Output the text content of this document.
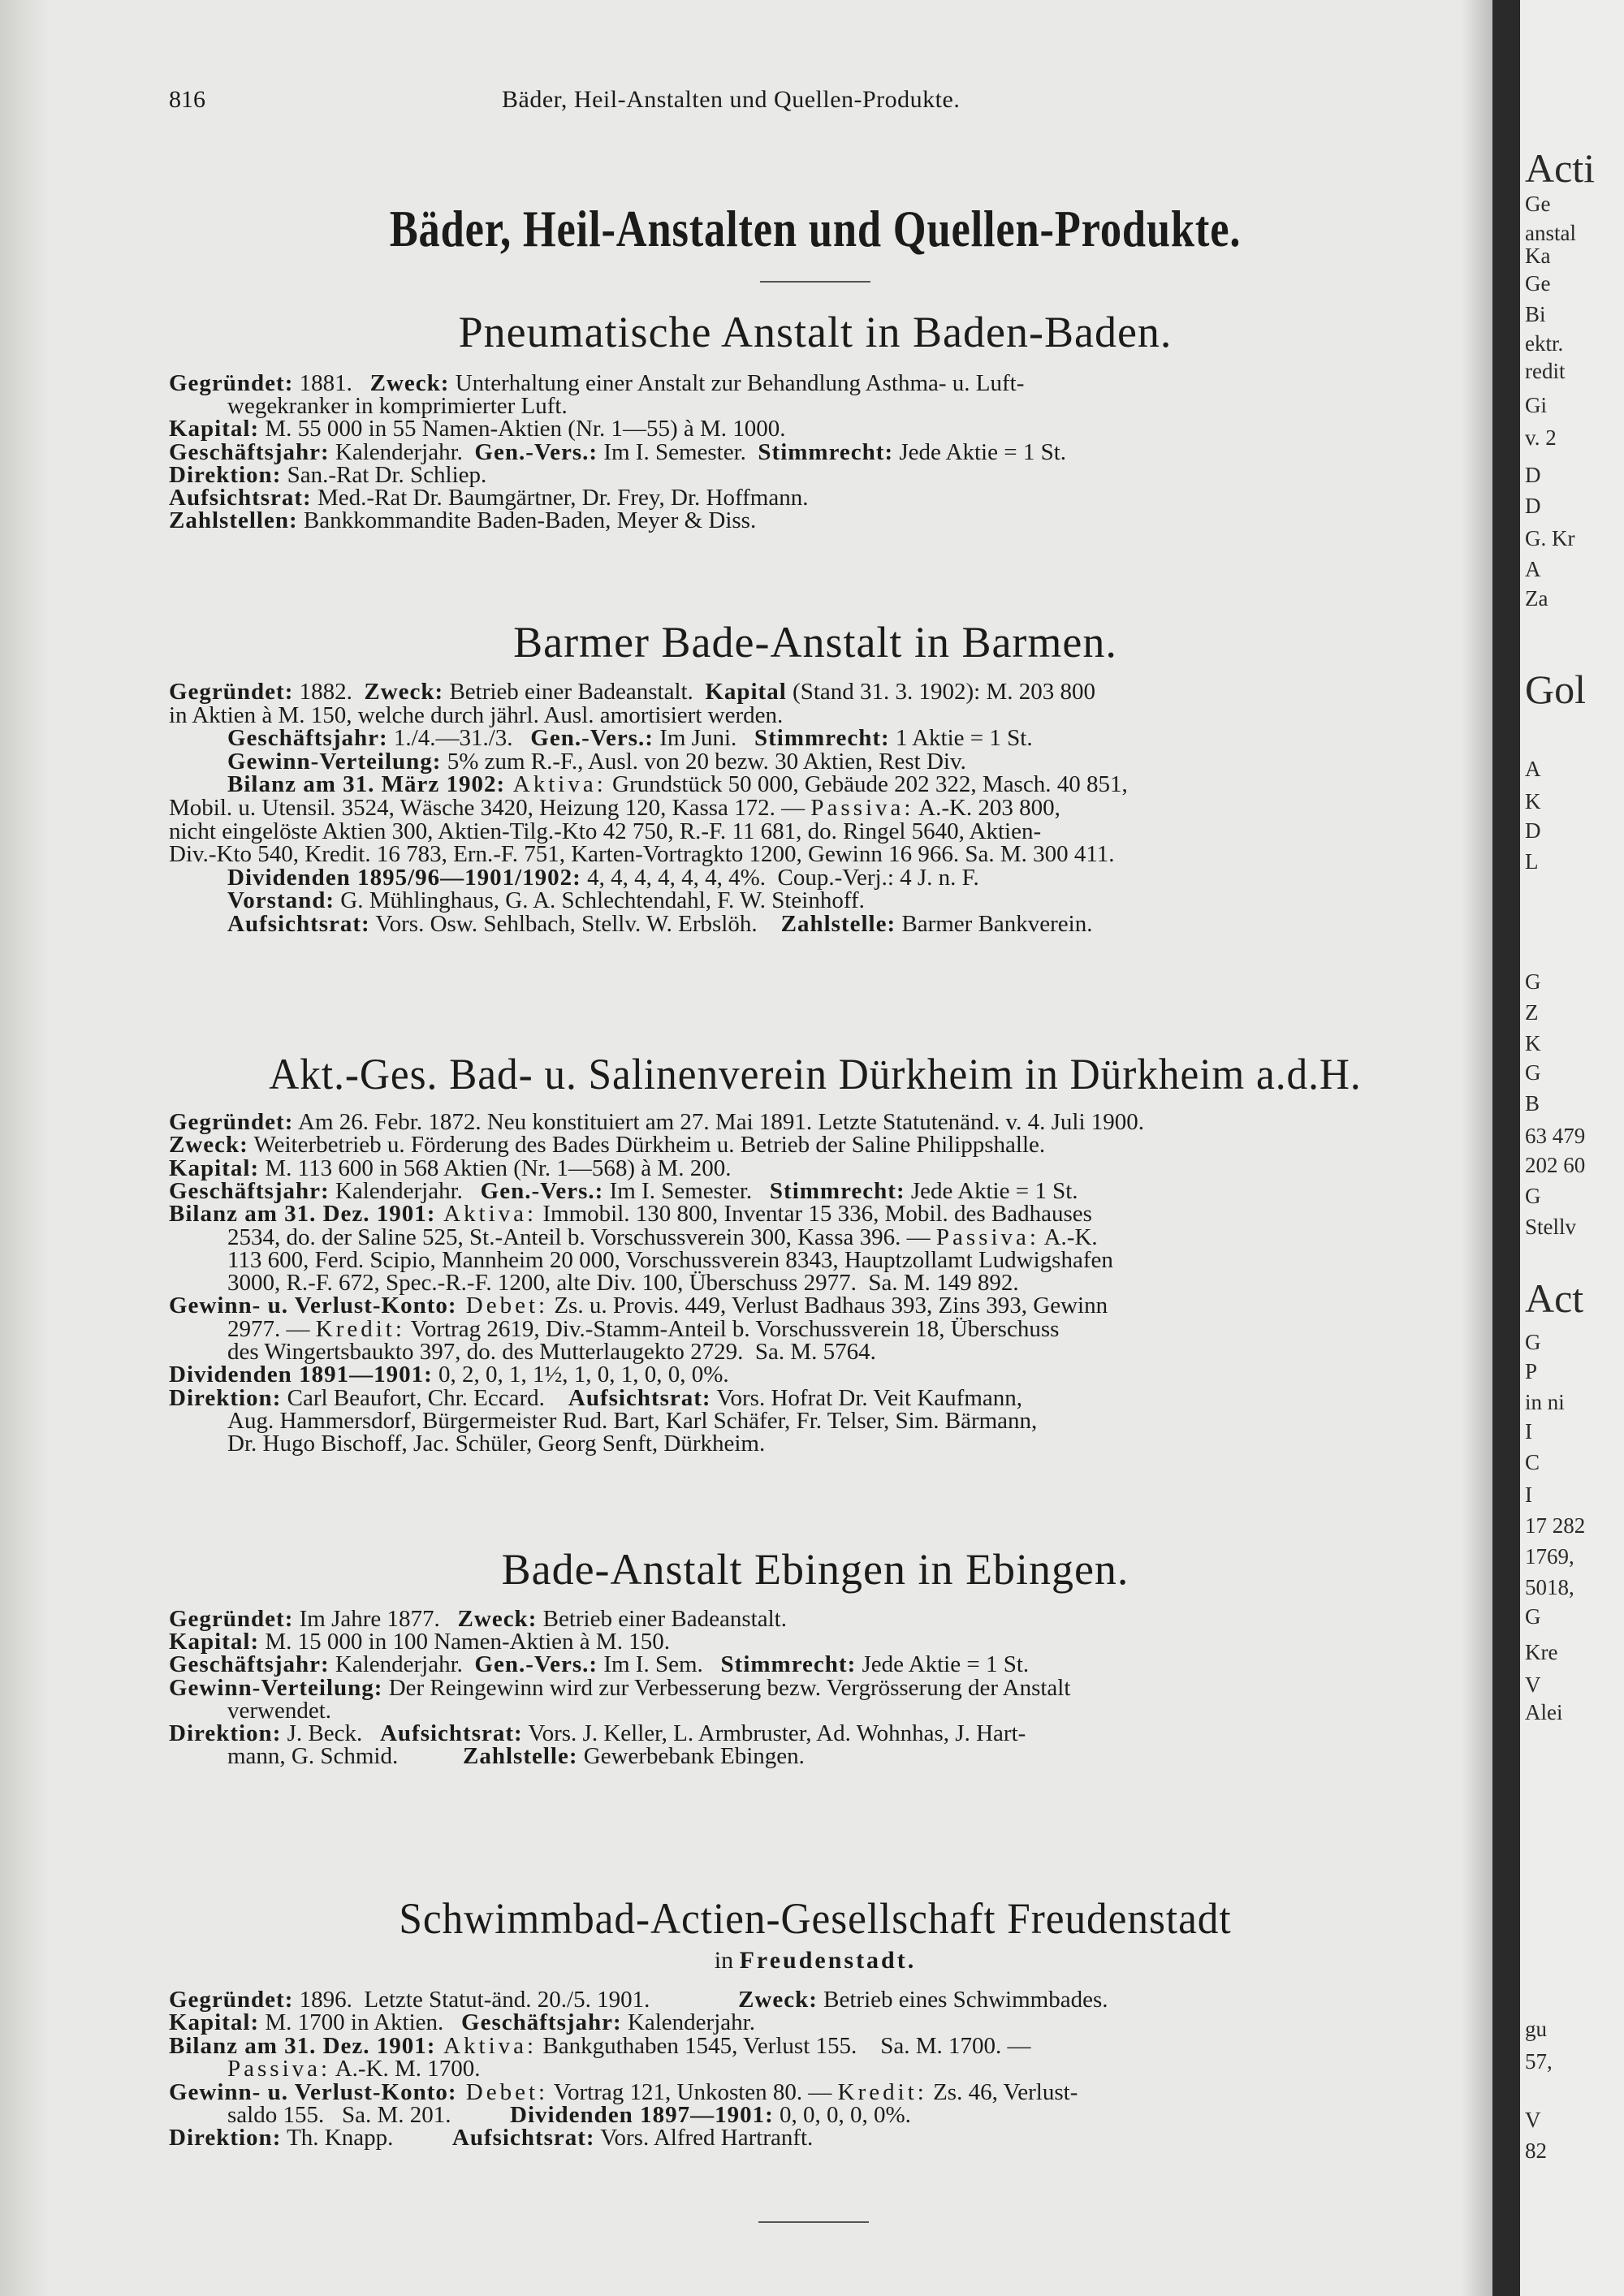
816	Bäder, Heil-Anstalten und Quellen-Produkte.
Bäder, Heil-Anstalten und Quellen-Produkte.
Pneumatische Anstalt in Baden-Baden.
Gegründet: 1881.   Zweck: Unterhaltung einer Anstalt zur Behandlung Asthma- u. Luft-
wegekranker in komprimierter Luft.
Kapital: M. 55 000 in 55 Namen-Aktien (Nr. 1—55) à M. 1000.
Geschäftsjahr: Kalenderjahr.  Gen.-Vers.: Im I. Semester.  Stimmrecht: Jede Aktie = 1 St.
Direktion: San.-Rat Dr. Schliep.
Aufsichtsrat: Med.-Rat Dr. Baumgärtner, Dr. Frey, Dr. Hoffmann.
Zahlstellen: Bankkommandite Baden-Baden, Meyer & Diss.
Barmer Bade-Anstalt in Barmen.
Gegründet: 1882.  Zweck: Betrieb einer Badeanstalt.  Kapital (Stand 31. 3. 1902): M. 203 800
in Aktien à M. 150, welche durch jährl. Ausl. amortisiert werden.
Geschäftsjahr: 1./4.—31./3.   Gen.-Vers.: Im Juni.   Stimmrecht: 1 Aktie = 1 St.
Gewinn-Verteilung: 5% zum R.-F., Ausl. von 20 bezw. 30 Aktien, Rest Div.
Bilanz am 31. März 1902: Aktiva: Grundstück 50 000, Gebäude 202 322, Masch. 40 851,
Mobil. u. Utensil. 3524, Wäsche 3420, Heizung 120, Kassa 172. — Passiva: A.-K. 203 800,
nicht eingelöste Aktien 300, Aktien-Tilg.-Kto 42 750, R.-F. 11 681, do. Ringel 5640, Aktien-
Div.-Kto 540, Kredit. 16 783, Ern.-F. 751, Karten-Vortragkto 1200, Gewinn 16 966. Sa. M. 300 411.
Dividenden 1895/96—1901/1902: 4, 4, 4, 4, 4, 4, 4%.  Coup.-Verj.: 4 J. n. F.
Vorstand: G. Mühlinghaus, G. A. Schlechtendahl, F. W. Steinhoff.
Aufsichtsrat: Vors. Osw. Sehlbach, Stellv. W. Erbslöh.    Zahlstelle: Barmer Bankverein.
Akt.-Ges. Bad- u. Salinenverein Dürkheim in Dürkheim a.d.H.
Gegründet: Am 26. Febr. 1872. Neu konstituiert am 27. Mai 1891. Letzte Statutenänd. v. 4. Juli 1900.
Zweck: Weiterbetrieb u. Förderung des Bades Dürkheim u. Betrieb der Saline Philippshalle.
Kapital: M. 113 600 in 568 Aktien (Nr. 1—568) à M. 200.
Geschäftsjahr: Kalenderjahr.   Gen.-Vers.: Im I. Semester.   Stimmrecht: Jede Aktie = 1 St.
Bilanz am 31. Dez. 1901: Aktiva: Immobil. 130 800, Inventar 15 336, Mobil. des Badhauses
2534, do. der Saline 525, St.-Anteil b. Vorschussverein 300, Kassa 396. — Passiva: A.-K.
113 600, Ferd. Scipio, Mannheim 20 000, Vorschussverein 8343, Hauptzollamt Ludwigshafen
3000, R.-F. 672, Spec.-R.-F. 1200, alte Div. 100, Überschuss 2977.  Sa. M. 149 892.
Gewinn- u. Verlust-Konto: Debet: Zs. u. Provis. 449, Verlust Badhaus 393, Zins 393, Gewinn
2977. — Kredit: Vortrag 2619, Div.-Stamm-Anteil b. Vorschussverein 18, Überschuss
des Wingertsbaukto 397, do. des Mutterlaugekto 2729.  Sa. M. 5764.
Dividenden 1891—1901: 0, 2, 0, 1, 1½, 1, 0, 1, 0, 0, 0%.
Direktion: Carl Beaufort, Chr. Eccard.    Aufsichtsrat: Vors. Hofrat Dr. Veit Kaufmann,
Aug. Hammersdorf, Bürgermeister Rud. Bart, Karl Schäfer, Fr. Telser, Sim. Bärmann,
Dr. Hugo Bischoff, Jac. Schüler, Georg Senft, Dürkheim.
Bade-Anstalt Ebingen in Ebingen.
Gegründet: Im Jahre 1877.   Zweck: Betrieb einer Badeanstalt.
Kapital: M. 15 000 in 100 Namen-Aktien à M. 150.
Geschäftsjahr: Kalenderjahr.  Gen.-Vers.: Im I. Sem.   Stimmrecht: Jede Aktie = 1 St.
Gewinn-Verteilung: Der Reingewinn wird zur Verbesserung bezw. Vergrösserung der Anstalt
verwendet.
Direktion: J. Beck.   Aufsichtsrat: Vors. J. Keller, L. Armbruster, Ad. Wohnhas, J. Hart-
mann, G. Schmid.           Zahlstelle: Gewerbebank Ebingen.
Schwimmbad-Actien-Gesellschaft Freudenstadt
in Freudenstadt.
Gegründet: 1896.  Letzte Statut-änd. 20./5. 1901.               Zweck: Betrieb eines Schwimmbades.
Kapital: M. 1700 in Aktien.   Geschäftsjahr: Kalenderjahr.
Bilanz am 31. Dez. 1901: Aktiva: Bankguthaben 1545, Verlust 155.    Sa. M. 1700. —
Passiva: A.-K. M. 1700.
Gewinn- u. Verlust-Konto: Debet: Vortrag 121, Unkosten 80. — Kredit: Zs. 46, Verlust-
saldo 155.   Sa. M. 201.          Dividenden 1897—1901: 0, 0, 0, 0, 0%.
Direktion: Th. Knapp.          Aufsichtsrat: Vors. Alfred Hartranft.
Acti
Ge
anstal
Ka
Ge
Bi
ektr.
redit
Gi
v. 2
D
D
G. Kr
A
Za
Gol
A
K
D
L
G
Z
K
G
B
63 479
202 60
G
Stellv
Act
G
P
in ni
I
C
I
17 282
1769,
5018,
G
Kre
V
Alei
gu
57,
V
82
